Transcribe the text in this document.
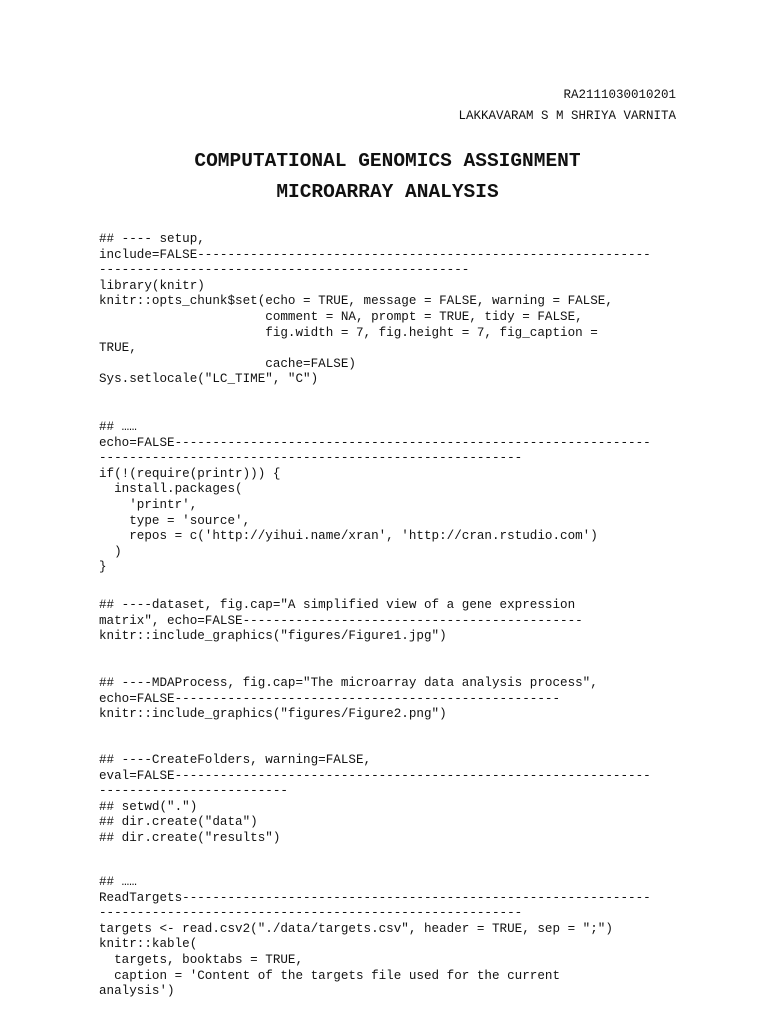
RA2111030010201
LAKKAVARAM S M SHRIYA VARNITA
COMPUTATIONAL GENOMICS ASSIGNMENT
MICROARRAY ANALYSIS
## ---- setup,
include=FALSE------------------------------------------------------------
-------------------------------------------------
library(knitr)
knitr::opts_chunk$set(echo = TRUE, message = FALSE, warning = FALSE,
comment = NA, prompt = TRUE, tidy = FALSE,
fig.width = 7, fig.height = 7, fig_caption =
TRUE,
cache=FALSE)
Sys.setlocale("LC_TIME", "C")
## ……
echo=FALSE---------------------------------------------------------------
--------------------------------------------------------
if(!(require(printr))) {
install.packages(
'printr',
type = 'source',
repos = c('http://yihui.name/xran', 'http://cran.rstudio.com')
)
}
## ----dataset, fig.cap="A simplified view of a gene expression
matrix", echo=FALSE---------------------------------------------
knitr::include_graphics("figures/Figure1.jpg")
## ----MDAProcess, fig.cap="The microarray data analysis process",
echo=FALSE---------------------------------------------------
knitr::include_graphics("figures/Figure2.png")
## ----CreateFolders, warning=FALSE,
eval=FALSE---------------------------------------------------------------
-------------------------
## setwd(".")
## dir.create("data")
## dir.create("results")
## ……
ReadTargets--------------------------------------------------------------
--------------------------------------------------------
targets <- read.csv2("./data/targets.csv", header = TRUE, sep = ";")
knitr::kable(
targets, booktabs = TRUE,
caption = 'Content of the targets file used for the current
analysis')
